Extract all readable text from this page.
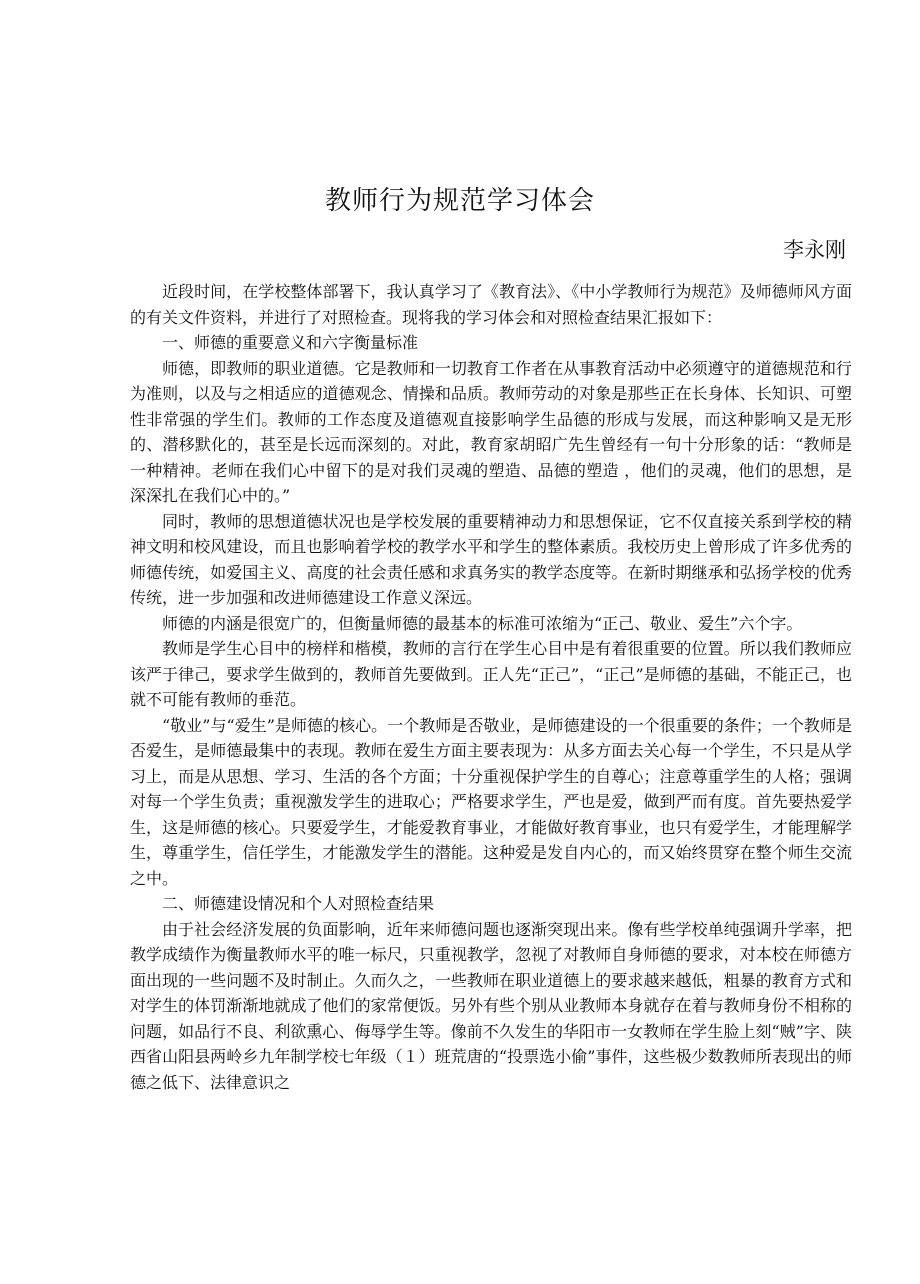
教师行为规范学习体会
李永刚

近段时间，在学校整体部署下，我认真学习了《教育法》、《中小学教师行为规范》及师德师风方面的有关文件资料，并进行了对照检查。现将我的学习体会和对照检查结果汇报如下：

一、师德的重要意义和六字衡量标准

师德，即教师的职业道德。它是教师和一切教育工作者在从事教育活动中必须遵守的道德规范和行为准则，以及与之相适应的道德观念、情操和品质。教师劳动的对象是那些正在长身体、长知识、可塑性非常强的学生们。教师的工作态度及道德观直接影响学生品德的形成与发展，而这种影响又是无形的、潜移默化的，甚至是长远而深刻的。对此，教育家胡昭广先生曾经有一句十分形象的话：“教师是一种精神。老师在我们心中留下的是对我们灵魂的塑造、品德的塑造 ，他们的灵魂，他们的思想，是深深扎在我们心中的。”

同时，教师的思想道德状况也是学校发展的重要精神动力和思想保证，它不仅直接关系到学校的精神文明和校风建设，而且也影响着学校的教学水平和学生的整体素质。我校历史上曾形成了许多优秀的师德传统，如爱国主义、高度的社会责任感和求真务实的教学态度等。在新时期继承和弘扬学校的优秀传统，进一步加强和改进师德建设工作意义深远。

师德的内涵是很宽广的，但衡量师德的最基本的标准可浓缩为“正己、敬业、爱生”六个字。

教师是学生心目中的榜样和楷模，教师的言行在学生心目中是有着很重要的位置。所以我们教师应该严于律己，要求学生做到的，教师首先要做到。正人先“正己”，“正己”是师德的基础，不能正己，也就不可能有教师的垂范。

“敬业”与“爱生”是师德的核心。一个教师是否敬业，是师德建设的一个很重要的条件；一个教师是否爱生，是师德最集中的表现。教师在爱生方面主要表现为：从多方面去关心每一个学生，不只是从学习上，而是从思想、学习、生活的各个方面；十分重视保护学生的自尊心；注意尊重学生的人格；强调对每一个学生负责；重视激发学生的进取心；严格要求学生，严也是爱，做到严而有度。首先要热爱学生，这是师德的核心。只要爱学生，才能爱教育事业，才能做好教育事业，也只有爱学生，才能理解学生，尊重学生，信任学生，才能激发学生的潜能。这种爱是发自内心的，而又始终贯穿在整个师生交流之中。

二、师德建设情况和个人对照检查结果

由于社会经济发展的负面影响，近年来师德问题也逐渐突现出来。像有些学校单纯强调升学率，把教学成绩作为衡量教师水平的唯一标尺，只重视教学，忽视了对教师自身师德的要求，对本校在师德方面出现的一些问题不及时制止。久而久之，一些教师在职业道德上的要求越来越低，粗暴的教育方式和对学生的体罚渐渐地就成了他们的家常便饭。另外有些个别从业教师本身就存在着与教师身份不相称的问题，如品行不良、利欲熏心、侮辱学生等。像前不久发生的华阳市一女教师在学生脸上刻“贼”字、陕西省山阳县两岭乡九年制学校七年级（１）班荒唐的“投票选小偷”事件，这些极少数教师所表现出的师德之低下、法律意识之
